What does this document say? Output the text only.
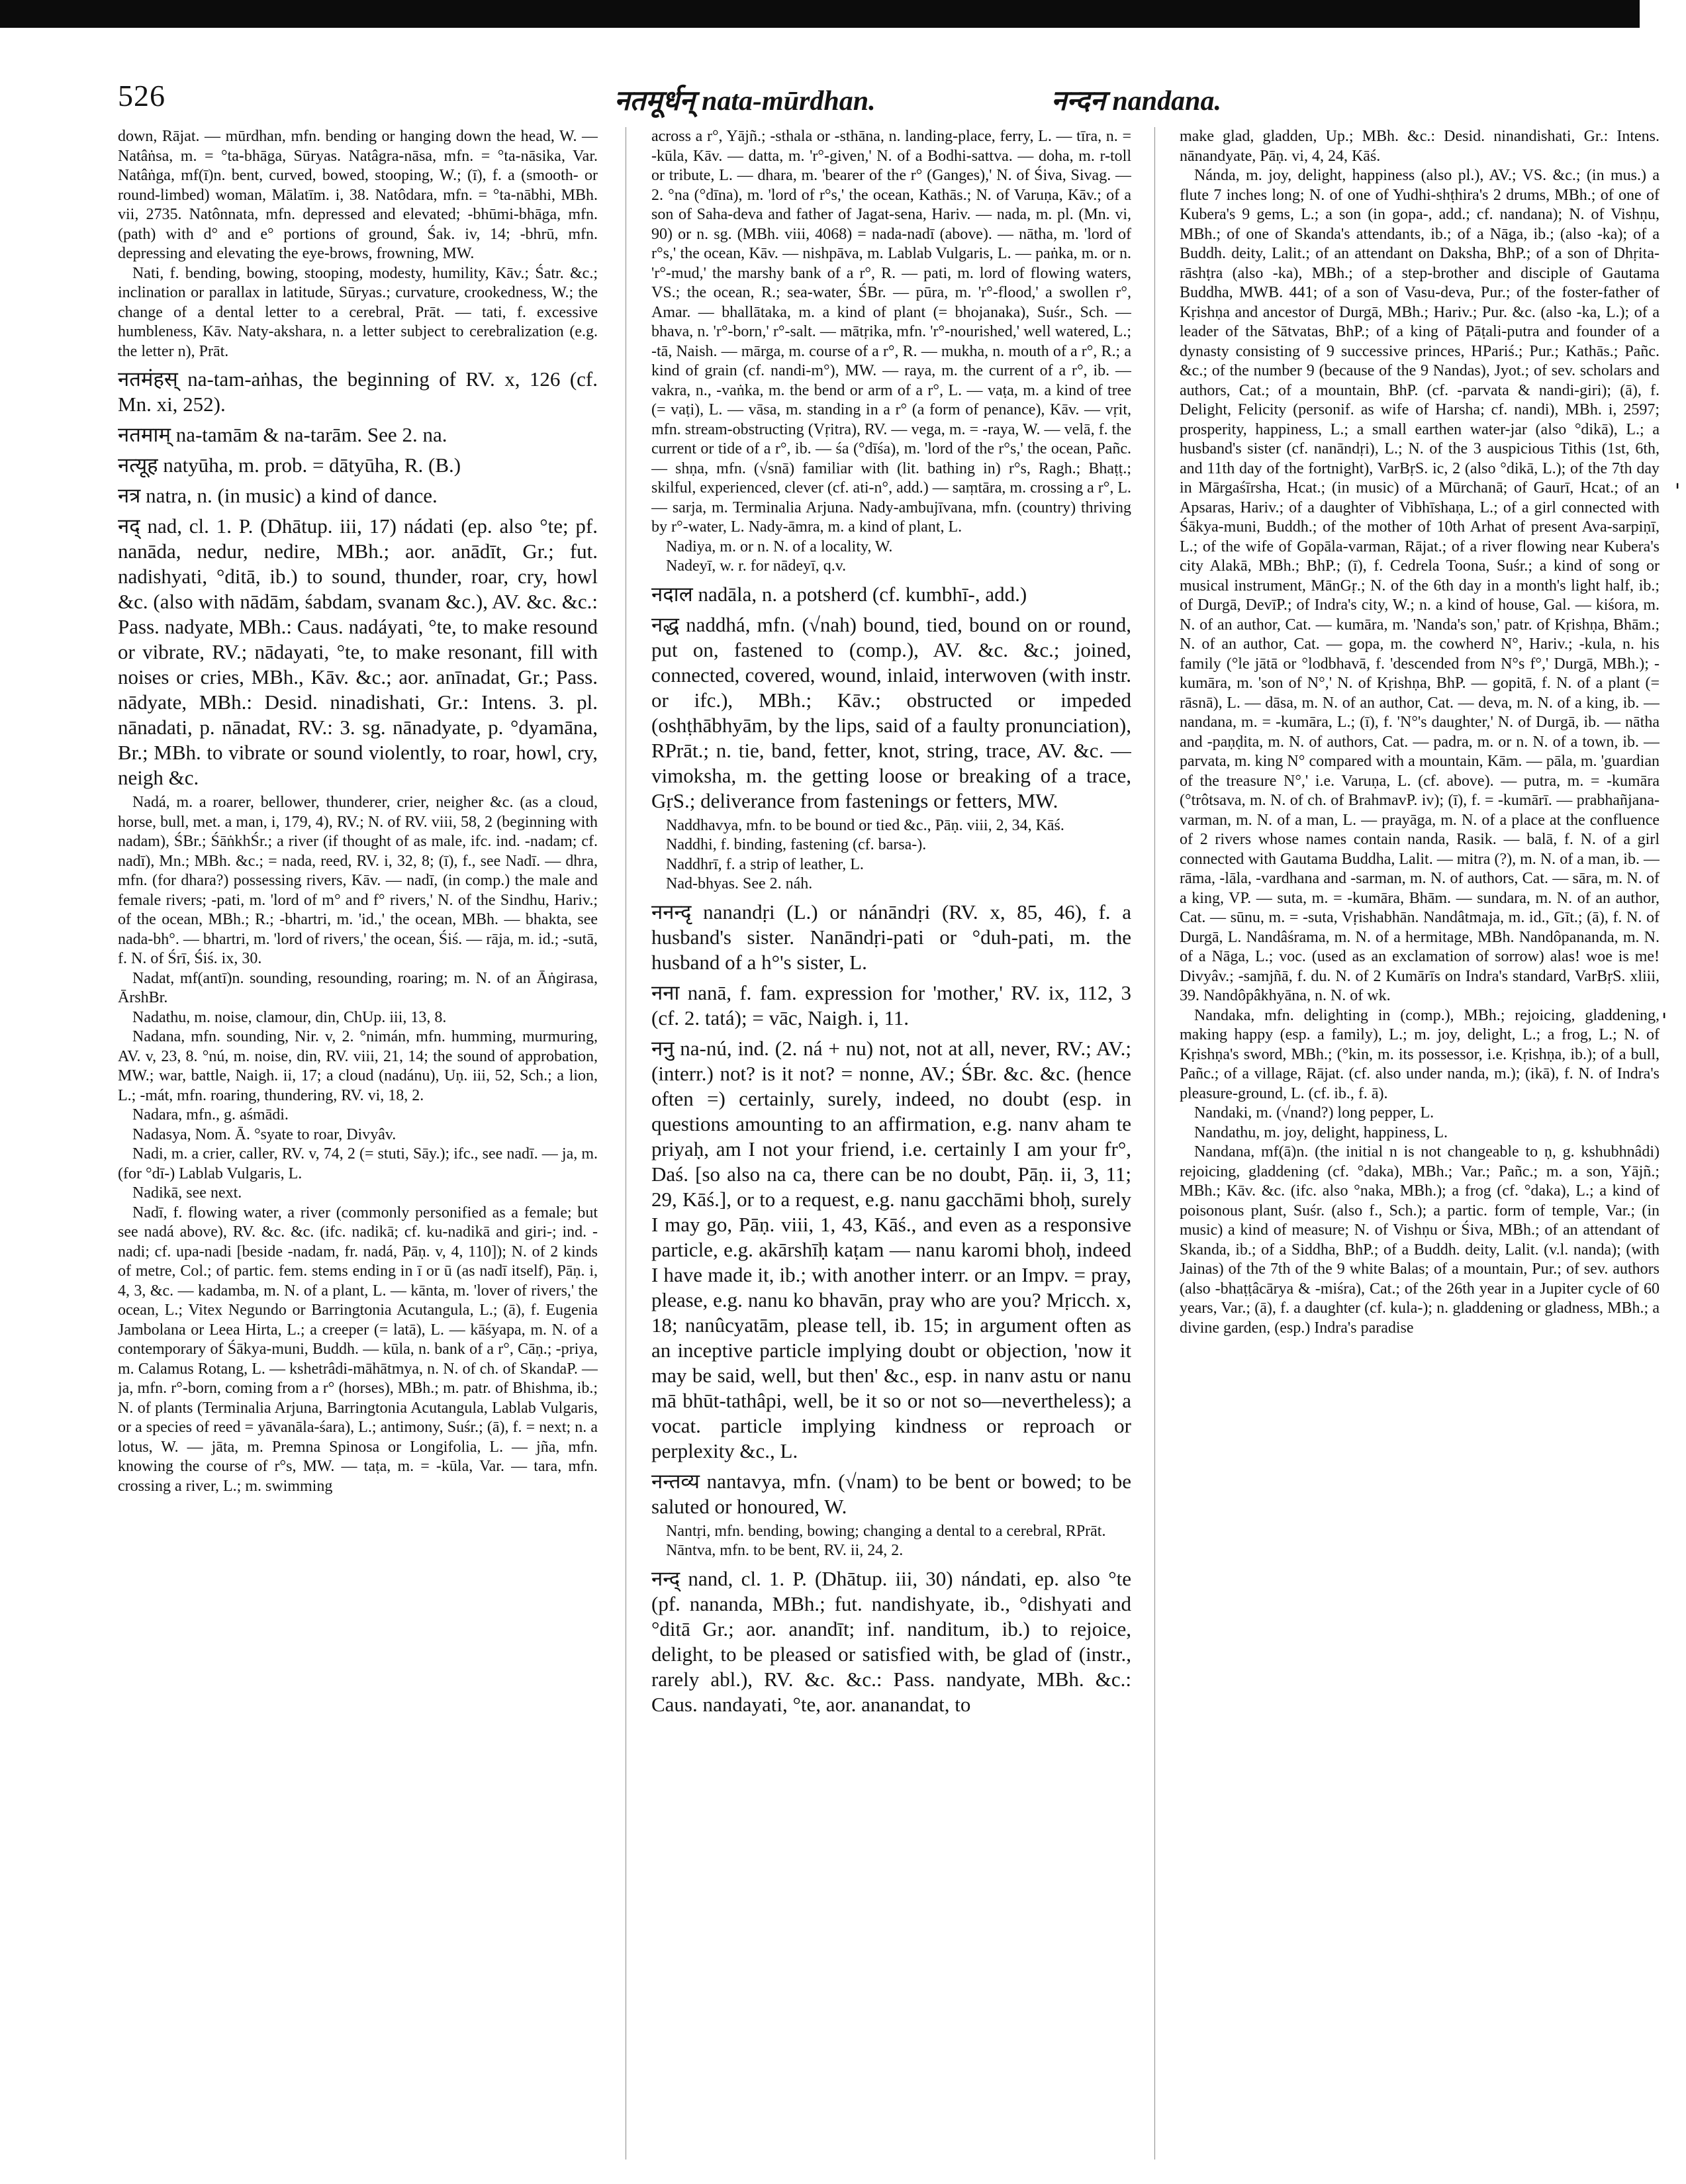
526	नतमूर्धन् nata-mūrdhan.	नन्दन nandana.
'
'

down, Rājat. — mūrdhan, mfn. bending or hanging down the head, W. — Natâṅsa, m. = °ta-bhāga, Sūryas. Natâgra-nāsa, mfn. = °ta-nāsika, Var. Natâṅga, mf(ī)n. bent, curved, bowed, stooping, W.; (ī), f. a (smooth- or round-limbed) woman, Mālatīm. i, 38. Natôdara, mfn. = °ta-nābhi, MBh. vii, 2735. Natônnata, mfn. depressed and elevated; -bhūmi-bhāga, mfn. (path) with d° and e° portions of ground, Śak. iv, 14; -bhrū, mfn. depressing and elevating the eye-brows, frowning, MW.

Nati, f. bending, bowing, stooping, modesty, humility, Kāv.; Śatr. &c.; inclination or parallax in latitude, Sūryas.; curvature, crookedness, W.; the change of a dental letter to a cerebral, Prāt. — tati, f. excessive humbleness, Kāv. Naty-akshara, n. a letter subject to cerebralization (e.g. the letter n), Prāt.

नतमंहस् na-tam-aṅhas, the beginning of RV. x, 126 (cf. Mn. xi, 252).

नतमाम् na-tamām & na-tarām. See 2. na.

नत्यूह natyūha, m. prob. = dātyūha, R. (B.)

नत्र natra, n. (in music) a kind of dance.

नद् nad, cl. 1. P. (Dhātup. iii, 17) nádati (ep. also °te; pf. nanāda, nedur, nedire, MBh.; aor. anādīt, Gr.; fut. nadishyati, °ditā, ib.) to sound, thunder, roar, cry, howl &c. (also with nādām, śabdam, svanam &c.), AV. &c. &c.: Pass. nadyate, MBh.: Caus. nadáyati, °te, to make resound or vibrate, RV.; nādayati, °te, to make resonant, fill with noises or cries, MBh., Kāv. &c.; aor. anīnadat, Gr.; Pass. nādyate, MBh.: Desid. ninadishati, Gr.: Intens. 3. pl. nānadati, p. nānadat, RV.: 3. sg. nānadyate, p. °dyamāna, Br.; MBh. to vibrate or sound violently, to roar, howl, cry, neigh &c.

Nadá, m. a roarer, bellower, thunderer, crier, neigher &c. (as a cloud, horse, bull, met. a man, i, 179, 4), RV.; N. of RV. viii, 58, 2 (beginning with nadam), ŚBr.; ŚāṅkhŚr.; a river (if thought of as male, ifc. ind. -nadam; cf. nadī), Mn.; MBh. &c.; = nada, reed, RV. i, 32, 8; (ī), f., see Nadī. — dhra, mfn. (for dhara?) possessing rivers, Kāv. — nadī, (in comp.) the male and female rivers; -pati, m. 'lord of m° and f° rivers,' N. of the Sindhu, Hariv.; of the ocean, MBh.; R.; -bhartri, m. 'id.,' the ocean, MBh. — bhakta, see nada-bh°. — bhartri, m. 'lord of rivers,' the ocean, Śiś. — rāja, m. id.; -sutā, f. N. of Śrī, Śiś. ix, 30.

Nadat, mf(antī)n. sounding, resounding, roaring; m. N. of an Āṅgirasa, ĀrshBr.

Nadathu, m. noise, clamour, din, ChUp. iii, 13, 8.

Nadana, mfn. sounding, Nir. v, 2. °nimán, mfn. humming, murmuring, AV. v, 23, 8. °nú, m. noise, din, RV. viii, 21, 14; the sound of approbation, MW.; war, battle, Naigh. ii, 17; a cloud (nadánu), Uṇ. iii, 52, Sch.; a lion, L.; -mát, mfn. roaring, thundering, RV. vi, 18, 2.

Nadara, mfn., g. aśmādi.

Nadasya, Nom. Ā. °syate to roar, Divyâv.

Nadi, m. a crier, caller, RV. v, 74, 2 (= stuti, Sāy.); ifc., see nadī. — ja, m. (for °dī-) Lablab Vulgaris, L.

Nadikā, see next.

Nadī, f. flowing water, a river (commonly personified as a female; but see nadá above), RV. &c. &c. (ifc. nadikā; cf. ku-nadikā and giri-; ind. -nadi; cf. upa-nadi [beside -nadam, fr. nadá, Pāṇ. v, 4, 110]); N. of 2 kinds of metre, Col.; of partic. fem. stems ending in ī or ū (as nadī itself), Pāṇ. i, 4, 3, &c. — kadamba, m. N. of a plant, L. — kānta, m. 'lover of rivers,' the ocean, L.; Vitex Negundo or Barringtonia Acutangula, L.; (ā), f. Eugenia Jambolana or Leea Hirta, L.; a creeper (= latā), L. — kāśyapa, m. N. of a contemporary of Śākya-muni, Buddh. — kūla, n. bank of a r°, Cāṇ.; -priya, m. Calamus Rotang, L. — kshetrâdi-māhātmya, n. N. of ch. of SkandaP. — ja, mfn. r°-born, coming from a r° (horses), MBh.; m. patr. of Bhishma, ib.; N. of plants (Terminalia Arjuna, Barringtonia Acutangula, Lablab Vulgaris, or a species of reed = yāvanāla-śara), L.; antimony, Suśr.; (ā), f. = next; n. a lotus, W. — jāta, m. Premna Spinosa or Longifolia, L. — jña, mfn. knowing the course of r°s, MW. — taṭa, m. = -kūla, Var. — tara, mfn. crossing a river, L.; m. swimming

across a r°, Yājñ.; -sthala or -sthāna, n. landing-place, ferry, L. — tīra, n. = -kūla, Kāv. — datta, m. 'r°-given,' N. of a Bodhi-sattva. — doha, m. r-toll or tribute, L. — dhara, m. 'bearer of the r° (Ganges),' N. of Śiva, Sivag. — 2. °na (°dīna), m. 'lord of r°s,' the ocean, Kathās.; N. of Varuṇa, Kāv.; of a son of Saha-deva and father of Jagat-sena, Hariv. — nada, m. pl. (Mn. vi, 90) or n. sg. (MBh. viii, 4068) = nada-nadī (above). — nātha, m. 'lord of r°s,' the ocean, Kāv. — nishpāva, m. Lablab Vulgaris, L. — paṅka, m. or n. 'r°-mud,' the marshy bank of a r°, R. — pati, m. lord of flowing waters, VS.; the ocean, R.; sea-water, ŚBr. — pūra, m. 'r°-flood,' a swollen r°, Amar. — bhallātaka, m. a kind of plant (= bhojanaka), Suśr., Sch. — bhava, n. 'r°-born,' r°-salt. — mātṛika, mfn. 'r°-nourished,' well watered, L.; -tā, Naish. — mārga, m. course of a r°, R. — mukha, n. mouth of a r°, R.; a kind of grain (cf. nandi-m°), MW. — raya, m. the current of a r°, ib. — vakra, n., -vaṅka, m. the bend or arm of a r°, L. — vaṭa, m. a kind of tree (= vaṭi), L. — vāsa, m. standing in a r° (a form of penance), Kāv. — vṛit, mfn. stream-obstructing (Vṛitra), RV. — vega, m. = -raya, W. — velā, f. the current or tide of a r°, ib. — śa (°dīśa), m. 'lord of the r°s,' the ocean, Pañc. — shṇa, mfn. (√snā) familiar with (lit. bathing in) r°s, Ragh.; Bhaṭṭ.; skilful, experienced, clever (cf. ati-n°, add.) — saṃtāra, m. crossing a r°, L. — sarja, m. Terminalia Arjuna. Nady-ambujīvana, mfn. (country) thriving by r°-water, L. Nady-āmra, m. a kind of plant, L.

Nadiya, m. or n. N. of a locality, W.

Nadeyī, w. r. for nādeyī, q.v.

नदाल nadāla, n. a potsherd (cf. kumbhī-, add.)

नद्ध naddhá, mfn. (√nah) bound, tied, bound on or round, put on, fastened to (comp.), AV. &c. &c.; joined, connected, covered, wound, inlaid, interwoven (with instr. or ifc.), MBh.; Kāv.; obstructed or impeded (oshṭhābhyām, by the lips, said of a faulty pronunciation), RPrāt.; n. tie, band, fetter, knot, string, trace, AV. &c. — vimoksha, m. the getting loose or breaking of a trace, GṛS.; deliverance from fastenings or fetters, MW.

Naddhavya, mfn. to be bound or tied &c., Pāṇ. viii, 2, 34, Kāś.

Naddhi, f. binding, fastening (cf. barsa-).

Naddhrī, f. a strip of leather, L.

Nad-bhyas. See 2. náh.

ननन्दृ nanandṛi (L.) or nánāndṛi (RV. x, 85, 46), f. a husband's sister. Nanāndṛi-pati or °duh-pati, m. the husband of a h°'s sister, L.

नना nanā, f. fam. expression for 'mother,' RV. ix, 112, 3 (cf. 2. tatá); = vāc, Naigh. i, 11.

ननु na-nú, ind. (2. ná + nu) not, not at all, never, RV.; AV.; (interr.) not? is it not? = nonne, AV.; ŚBr. &c. &c. (hence often =) certainly, surely, indeed, no doubt (esp. in questions amounting to an affirmation, e.g. nanv aham te priyaḥ, am I not your friend, i.e. certainly I am your fr°, Daś. [so also na ca, there can be no doubt, Pāṇ. ii, 3, 11; 29, Kāś.], or to a request, e.g. nanu gacchāmi bhoḥ, surely I may go, Pāṇ. viii, 1, 43, Kāś., and even as a responsive particle, e.g. akārshīḥ kaṭam — nanu karomi bhoḥ, indeed I have made it, ib.; with another interr. or an Impv. = pray, please, e.g. nanu ko bhavān, pray who are you? Mṛicch. x, 18; nanûcyatām, please tell, ib. 15; in argument often as an inceptive particle implying doubt or objection, 'now it may be said, well, but then' &c., esp. in nanv astu or nanu mā bhūt-tathâpi, well, be it so or not so—nevertheless); a vocat. particle implying kindness or reproach or perplexity &c., L.

नन्तव्य nantavya, mfn. (√nam) to be bent or bowed; to be saluted or honoured, W.

Nantṛi, mfn. bending, bowing; changing a dental to a cerebral, RPrāt.

Nāntva, mfn. to be bent, RV. ii, 24, 2.

नन्द् nand, cl. 1. P. (Dhātup. iii, 30) nándati, ep. also °te (pf. nananda, MBh.; fut. nandishyate, ib., °dishyati and °ditā Gr.; aor. anandīt; inf. nanditum, ib.) to rejoice, delight, to be pleased or satisfied with, be glad of (instr., rarely abl.), RV. &c. &c.: Pass. nandyate, MBh. &c.: Caus. nandayati, °te, aor. ananandat, to

make glad, gladden, Up.; MBh. &c.: Desid. ninandishati, Gr.: Intens. nānandyate, Pāṇ. vi, 4, 24, Kāś.

Nánda, m. joy, delight, happiness (also pl.), AV.; VS. &c.; (in mus.) a flute 7 inches long; N. of one of Yudhi-shṭhira's 2 drums, MBh.; of one of Kubera's 9 gems, L.; a son (in gopa-, add.; cf. nandana); N. of Vishṇu, MBh.; of one of Skanda's attendants, ib.; of a Nāga, ib.; (also -ka); of a Buddh. deity, Lalit.; of an attendant on Daksha, BhP.; of a son of Dhṛita-rāshṭra (also -ka), MBh.; of a step-brother and disciple of Gautama Buddha, MWB. 441; of a son of Vasu-deva, Pur.; of the foster-father of Kṛishṇa and ancestor of Durgā, MBh.; Hariv.; Pur. &c. (also -ka, L.); of a leader of the Sātvatas, BhP.; of a king of Pāṭali-putra and founder of a dynasty consisting of 9 successive princes, HPariś.; Pur.; Kathās.; Pañc. &c.; of the number 9 (because of the 9 Nandas), Jyot.; of sev. scholars and authors, Cat.; of a mountain, BhP. (cf. -parvata & nandi-giri); (ā), f. Delight, Felicity (personif. as wife of Harsha; cf. nandi), MBh. i, 2597; prosperity, happiness, L.; a small earthen water-jar (also °dikā), L.; a husband's sister (cf. nanāndṛi), L.; N. of the 3 auspicious Tithis (1st, 6th, and 11th day of the fortnight), VarBṛS. ic, 2 (also °dikā, L.); of the 7th day in Mārgaśīrsha, Hcat.; (in music) of a Mūrchanā; of Gaurī, Hcat.; of an Apsaras, Hariv.; of a daughter of Vibhīshaṇa, L.; of a girl connected with Śākya-muni, Buddh.; of the mother of 10th Arhat of present Ava-sarpiṇī, L.; of the wife of Gopāla-varman, Rājat.; of a river flowing near Kubera's city Alakā, MBh.; BhP.; (ī), f. Cedrela Toona, Suśr.; a kind of song or musical instrument, MānGṛ.; N. of the 6th day in a month's light half, ib.; of Durgā, DevīP.; of Indra's city, W.; n. a kind of house, Gal. — kiśora, m. N. of an author, Cat. — kumāra, m. 'Nanda's son,' patr. of Kṛishṇa, Bhām.; N. of an author, Cat. — gopa, m. the cowherd N°, Hariv.; -kula, n. his family (°le jātā or °lodbhavā, f. 'descended from N°s f°,' Durgā, MBh.); -kumāra, m. 'son of N°,' N. of Kṛishṇa, BhP. — gopitā, f. N. of a plant (= rāsnā), L. — dāsa, m. N. of an author, Cat. — deva, m. N. of a king, ib. — nandana, m. = -kumāra, L.; (ī), f. 'N°'s daughter,' N. of Durgā, ib. — nātha and -paṇḍita, m. N. of authors, Cat. — padra, m. or n. N. of a town, ib. — parvata, m. king N° compared with a mountain, Kām. — pāla, m. 'guardian of the treasure N°,' i.e. Varuṇa, L. (cf. above). — putra, m. = -kumāra (°trôtsava, m. N. of ch. of BrahmavP. iv); (ī), f. = -kumārī. — prabhañjana-varman, m. N. of a man, L. — prayāga, m. N. of a place at the confluence of 2 rivers whose names contain nanda, Rasik. — balā, f. N. of a girl connected with Gautama Buddha, Lalit. — mitra (?), m. N. of a man, ib. — rāma, -lāla, -vardhana and -sarman, m. N. of authors, Cat. — sāra, m. N. of a king, VP. — suta, m. = -kumāra, Bhām. — sundara, m. N. of an author, Cat. — sūnu, m. = -suta, Vṛishabhān. Nandâtmaja, m. id., Gīt.; (ā), f. N. of Durgā, L. Nandâśrama, m. N. of a hermitage, MBh. Nandôpananda, m. N. of a Nāga, L.; voc. (used as an exclamation of sorrow) alas! woe is me! Divyâv.; -samjñā, f. du. N. of 2 Kumārīs on Indra's standard, VarBṛS. xliii, 39. Nandôpâkhyāna, n. N. of wk.

Nandaka, mfn. delighting in (comp.), MBh.; rejoicing, gladdening, making happy (esp. a family), L.; m. joy, delight, L.; a frog, L.; N. of Kṛishṇa's sword, MBh.; (°kin, m. its possessor, i.e. Kṛishṇa, ib.); of a bull, Pañc.; of a village, Rājat. (cf. also under nanda, m.); (ikā), f. N. of Indra's pleasure-ground, L. (cf. ib., f. ā).

Nandaki, m. (√nand?) long pepper, L.

Nandathu, m. joy, delight, happiness, L.

Nandana, mf(ā)n. (the initial n is not changeable to ṇ, g. kshubhnâdi) rejoicing, gladdening (cf. °daka), MBh.; Var.; Pañc.; m. a son, Yājñ.; MBh.; Kāv. &c. (ifc. also °naka, MBh.); a frog (cf. °daka), L.; a kind of poisonous plant, Suśr. (also f., Sch.); a partic. form of temple, Var.; (in music) a kind of measure; N. of Vishṇu or Śiva, MBh.; of an attendant of Skanda, ib.; of a Siddha, BhP.; of a Buddh. deity, Lalit. (v.l. nanda); (with Jainas) of the 7th of the 9 white Balas; of a mountain, Pur.; of sev. authors (also -bhaṭṭâcārya & -miśra), Cat.; of the 26th year in a Jupiter cycle of 60 years, Var.; (ā), f. a daughter (cf. kula-); n. gladdening or gladness, MBh.; a divine garden, (esp.) Indra's paradise
